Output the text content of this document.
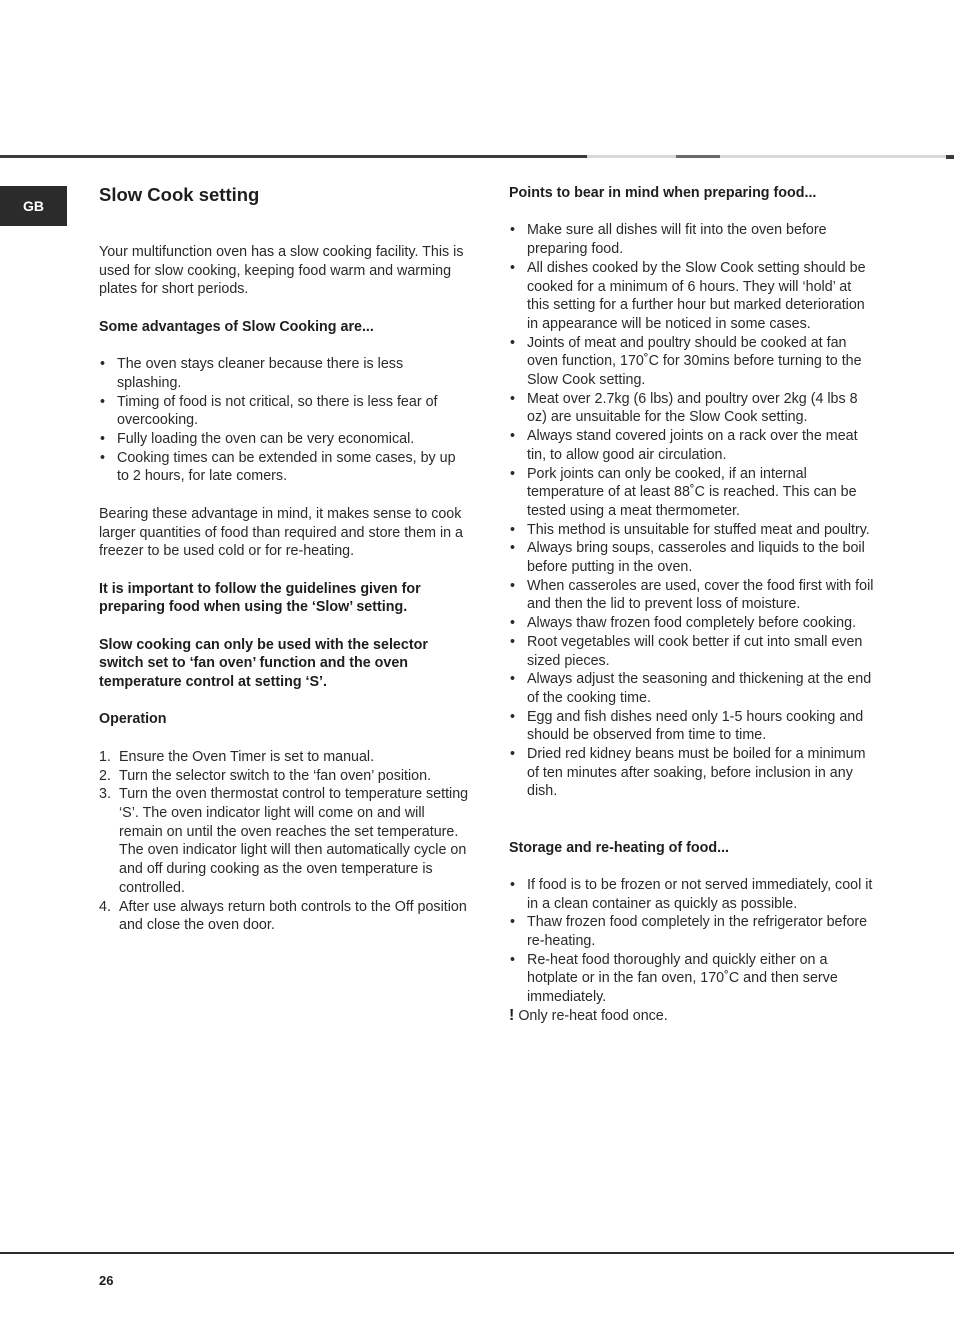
GB
Slow Cook setting

Your multifunction oven has a slow cooking facility. This is used for slow cooking, keeping food warm and warming plates for short periods.

Some advantages of Slow Cooking are...

• The oven stays cleaner because there is less splashing.
• Timing of food is not critical, so there is less fear of overcooking.
• Fully loading the oven can be very economical.
• Cooking times can be extended in some cases, by up to 2 hours, for late comers.

Bearing these advantage in mind, it makes sense to cook larger quantities of food than required and store them in a freezer to be used cold or for re-heating.

It is important to follow the guidelines given for preparing food when using the ‘Slow’ setting.

Slow cooking can only be used with the selector switch set to ‘fan oven’ function and the oven temperature control at setting ‘S’.

Operation

1. Ensure the Oven Timer is set to manual.
2. Turn the selector switch to the ‘fan oven’ position.
3. Turn the oven thermostat control to temperature setting ‘S’. The oven indicator light will come on and will remain on until the oven reaches the set temperature. The oven indicator light will then automatically cycle on and off during cooking as the oven temperature is controlled.
4. After use always return both controls to the Off position and close the oven door.

Points to bear in mind when preparing food...

• Make sure all dishes will fit into the oven before preparing food.
• All dishes cooked by the Slow Cook setting should be cooked for a minimum of 6 hours. They will ‘hold’ at this setting for a further hour but marked deterioration in appearance will be noticed in some cases.
• Joints of meat and poultry should be cooked at fan oven function, 170˚C for 30mins before turning to the Slow Cook setting.
• Meat over 2.7kg (6 lbs) and poultry over 2kg (4 lbs 8 oz) are unsuitable for the Slow Cook setting.
• Always stand covered joints on a rack over the meat tin, to allow good air circulation.
• Pork joints can only be cooked, if an internal temperature of at least 88˚C is reached. This can be tested using a meat thermometer.
• This method is unsuitable for stuffed meat and poultry.
• Always bring soups, casseroles and liquids to the boil before putting in the oven.
• When casseroles are used, cover the food first with foil and then the lid to prevent loss of moisture.
• Always thaw frozen food completely before cooking.
• Root vegetables will cook better if cut into small even sized pieces.
• Always adjust the seasoning and thickening at the end of the cooking time.
• Egg and fish dishes need only 1-5 hours cooking and should be observed from time to time.
• Dried red kidney beans must be boiled for a minimum of ten minutes after soaking, before inclusion in any dish.

Storage and re-heating of food...

• If food is to be frozen or not served immediately, cool it in a clean container as quickly as possible.
• Thaw frozen food completely in the refrigerator before re-heating.
• Re-heat food thoroughly and quickly either on a hotplate or in the fan oven, 170˚C and then serve immediately.

! Only re-heat food once.

26
